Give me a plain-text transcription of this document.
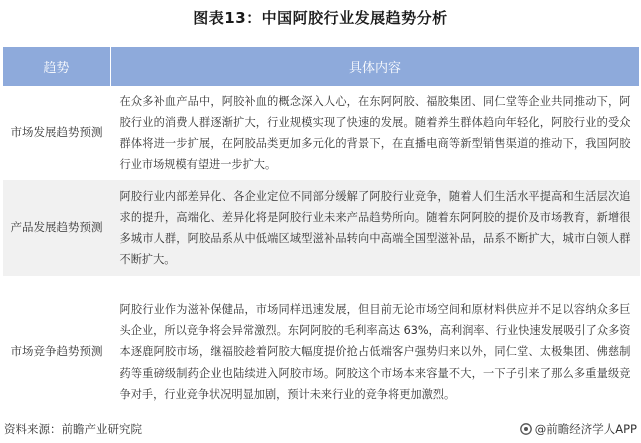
图表13：中国阿胶行业发展趋势分析
趋势	具体内容
市场发展趋势预测	在众多补血产品中，阿胶补血的概念深入人心，在东阿阿胶、福胶集团、同仁堂等企业共同推动下，阿胶行业的消费人群逐渐扩大，行业规模实现了快速的发展。随着养生群体趋向年轻化，阿胶行业的受众群体将进一步扩展，在阿胶品类更加多元化的背景下，在直播电商等新型销售渠道的推动下，我国阿胶行业市场规模有望进一步扩大。
产品发展趋势预测	阿胶行业内部差异化、各企业定位不同部分缓解了阿胶行业竞争，随着人们生活水平提高和生活层次追求的提升，高端化、差异化将是阿胶行业未来产品趋势所向。随着东阿阿胶的提价及市场教育，新增很多城市人群，阿胶品系从中低端区域型滋补品转向中高端全国型滋补品，品系不断扩大，城市白领人群不断扩大。
市场竞争趋势预测	阿胶行业作为滋补保健品，市场同样迅速发展，但目前无论市场空间和原材料供应并不足以容纳众多巨头企业，所以竞争将会异常激烈。东阿阿胶的毛利率高达 63%，高利润率、行业快速发展吸引了众多资本逐鹿阿胶市场，继福胶趁着阿胶大幅度提价抢占低端客户强势归来以外，同仁堂、太极集团、佛慈制药等重磅级制药企业也陆续进入阿胶市场。阿胶这个市场本来容量不大，一下子引来了那么多重量级竞争对手，行业竞争状况明显加剧，预计未来行业的竞争将更加激烈。
资料来源：前瞻产业研究院	@前瞻经济学人APP
